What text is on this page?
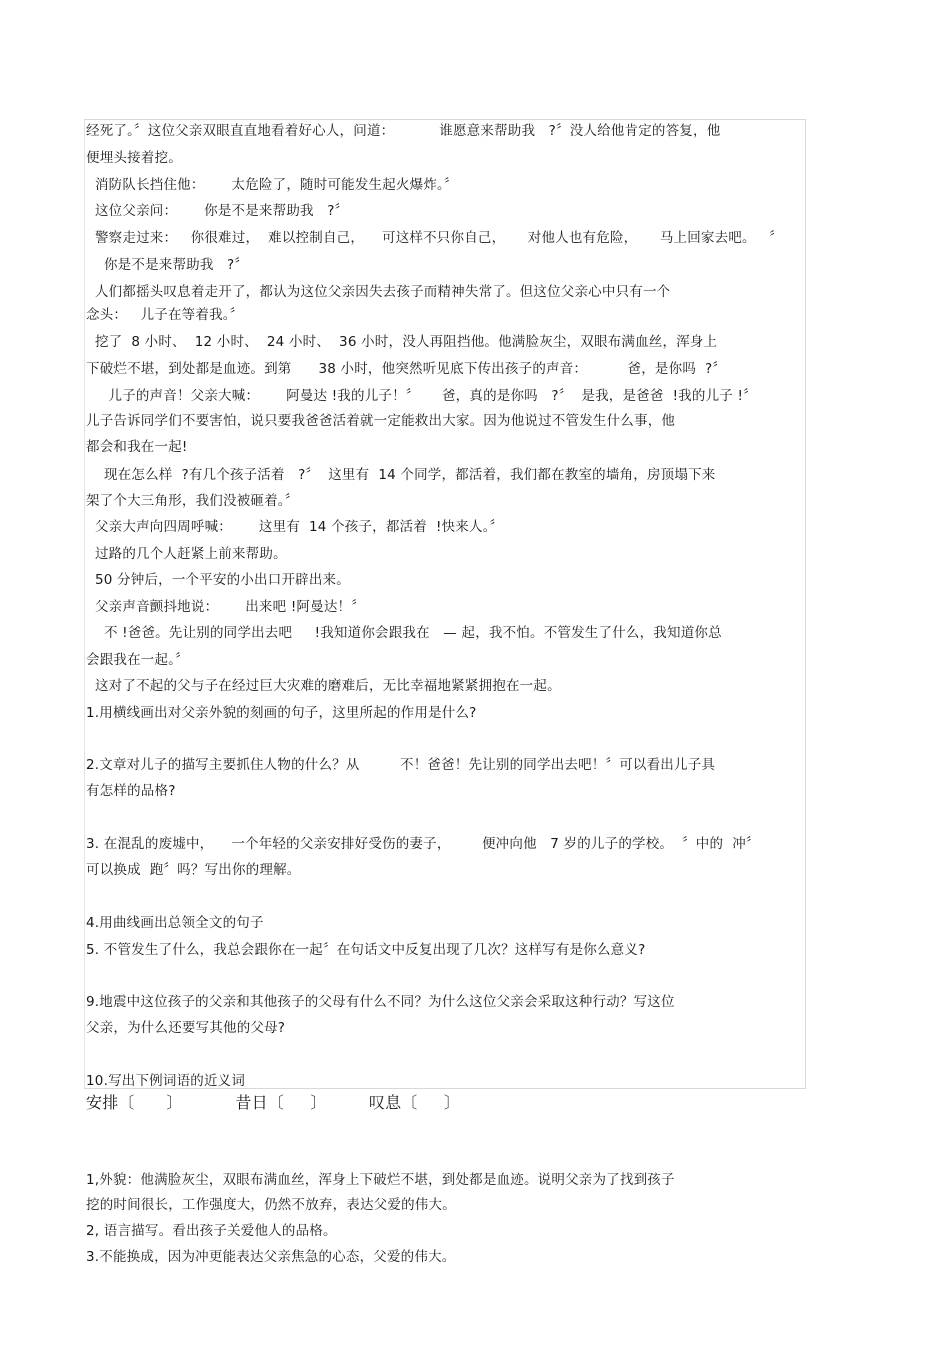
经死了。〞这位父亲双眼直直地看着好心人，问道：          谁愿意来帮助我   ?〞没人给他肯定的答复，他
便埋头接着挖。
消防队长挡住他：      太危险了，随时可能发生起火爆炸。〞
这位父亲问：      你是不是来帮助我   ?〞
警察走过来：   你很难过，  难以控制自己，    可这样不只你自己，     对他人也有危险，     马上回家去吧。   〞
你是不是来帮助我   ?〞
人们都摇头叹息着走开了，都认为这位父亲因失去孩子而精神失常了。但这位父亲心中只有一个
念头：   儿子在等着我。〞
挖了  8 小时、  12 小时、  24 小时、  36 小时，没人再阻挡他。他满脸灰尘，双眼布满血丝，浑身上
下破烂不堪，到处都是血迹。到第      38 小时，他突然听见底下传出孩子的声音：         爸，是你吗  ?〞
儿子的声音！父亲大喊：      阿曼达 !我的儿子！〞     爸，真的是你吗   ?〞  是我，是爸爸  !我的儿子 !〞
儿子告诉同学们不要害怕，说只要我爸爸活着就一定能救出大家。因为他说过不管发生什么事，他
都会和我在一起!
现在怎么样  ?有几个孩子活着   ?〞  这里有  14 个同学，都活着，我们都在教室的墙角，房顶塌下来
架了个大三角形，我们没被砸着。〞
父亲大声向四周呼喊：      这里有  14 个孩子，都活着  !快来人。〞
过路的几个人赶紧上前来帮助。
50 分钟后，一个平安的小出口开辟出来。
父亲声音颤抖地说：      出来吧 !阿曼达！〞
不 !爸爸。先让别的同学出去吧     !我知道你会跟我在   — 起，我不怕。不管发生了什么，我知道你总
会跟我在一起。〞
这对了不起的父与子在经过巨大灾难的磨难后，无比幸福地紧紧拥抱在一起。
1.用横线画出对父亲外貌的刻画的句子，这里所起的作用是什么?
2.文章对儿子的描写主要抓住人物的什么？从         不！爸爸！先让别的同学出去吧！〞可以看出儿子具
有怎样的品格?
3. 在混乱的废墟中，    一个年轻的父亲安排好受伤的妻子，       便冲向他   7 岁的儿子的学校。  〞中的  冲〞
可以换成  跑〞吗？写出你的理解。
4.用曲线画出总领全文的句子
5. 不管发生了什么，我总会跟你在一起〞在句话文中反复出现了几次？这样写有是你么意义?
9.地震中这位孩子的父亲和其他孩子的父母有什么不同？为什么这位父亲会采取这种行动？写这位
父亲，为什么还要写其他的父母?
10.写出下例词语的近义词
安排〔      〕          昔日〔     〕        叹息〔     〕
1,外貌：他满脸灰尘，双眼布满血丝，浑身上下破烂不堪，到处都是血迹。说明父亲为了找到孩子
挖的时间很长，工作强度大，仍然不放弃，表达父爱的伟大。
2, 语言描写。看出孩子关爱他人的品格。
3.不能换成，因为冲更能表达父亲焦急的心态，父爱的伟大。
